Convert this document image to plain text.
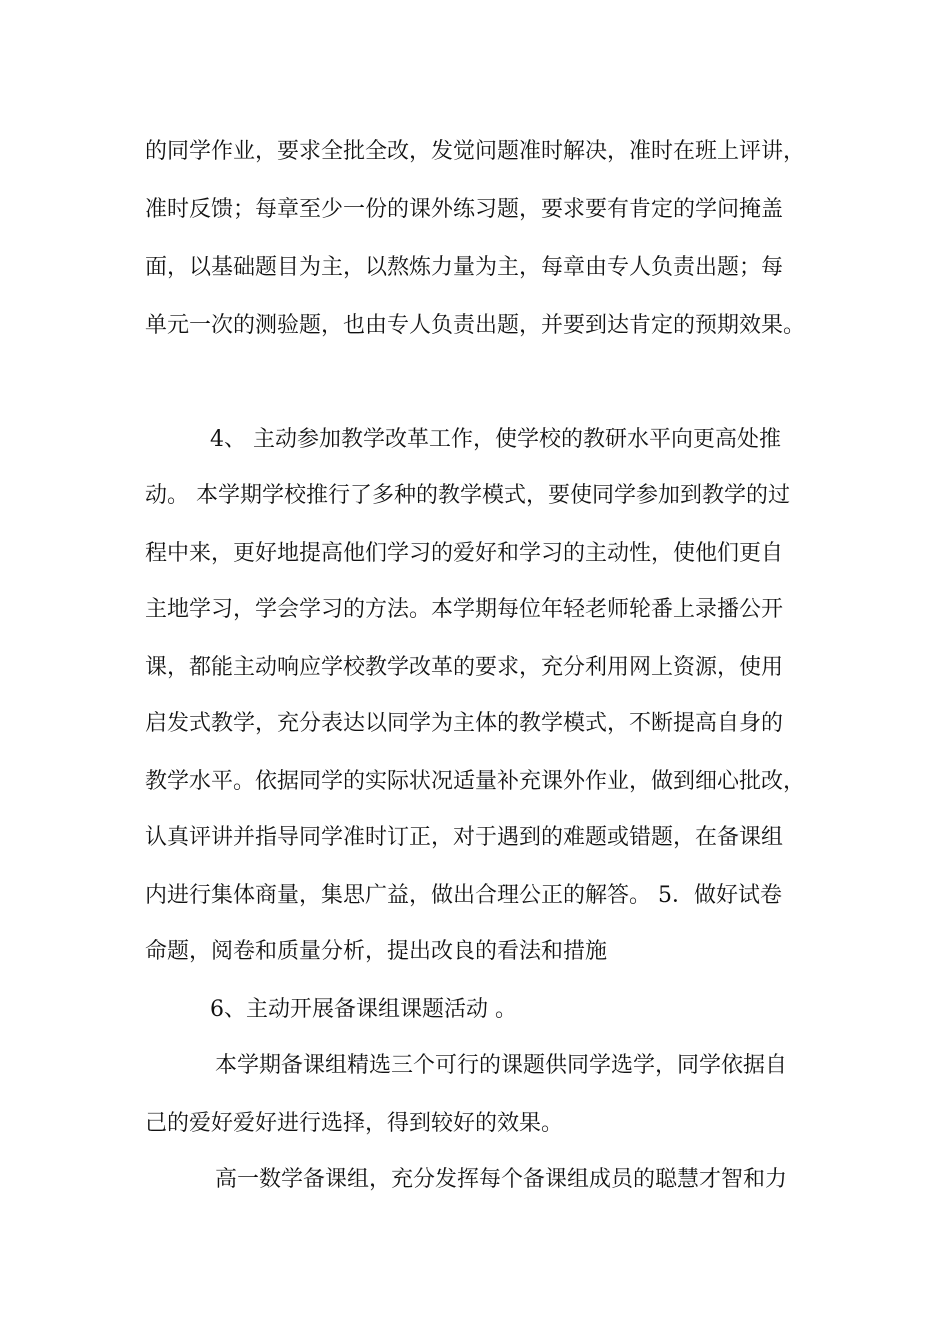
的同学作业，要求全批全改，发觉问题准时解决，准时在班上评讲，
准时反馈；每章至少一份的课外练习题，要求要有肯定的学问掩盖
面，以基础题目为主，以熬炼力量为主，每章由专人负责出题；每
单元一次的测验题，也由专人负责出题，并要到达肯定的预期效果。
4、 主动参加教学改革工作，使学校的教研水平向更高处推
动。 本学期学校推行了多种的教学模式，要使同学参加到教学的过
程中来，更好地提高他们学习的爱好和学习的主动性，使他们更自
主地学习，学会学习的方法。本学期每位年轻老师轮番上录播公开
课，都能主动响应学校教学改革的要求，充分利用网上资源，使用
启发式教学，充分表达以同学为主体的教学模式，不断提高自身的
教学水平。依据同学的实际状况适量补充课外作业，做到细心批改，
认真评讲并指导同学准时订正，对于遇到的难题或错题，在备课组
内进行集体商量，集思广益，做出合理公正的解答。 5．做好试卷
命题，阅卷和质量分析，提出改良的看法和措施
6、主动开展备课组课题活动 。
本学期备课组精选三个可行的课题供同学选学，同学依据自
己的爱好爱好进行选择，得到较好的效果。
高一数学备课组，充分发挥每个备课组成员的聪慧才智和力
